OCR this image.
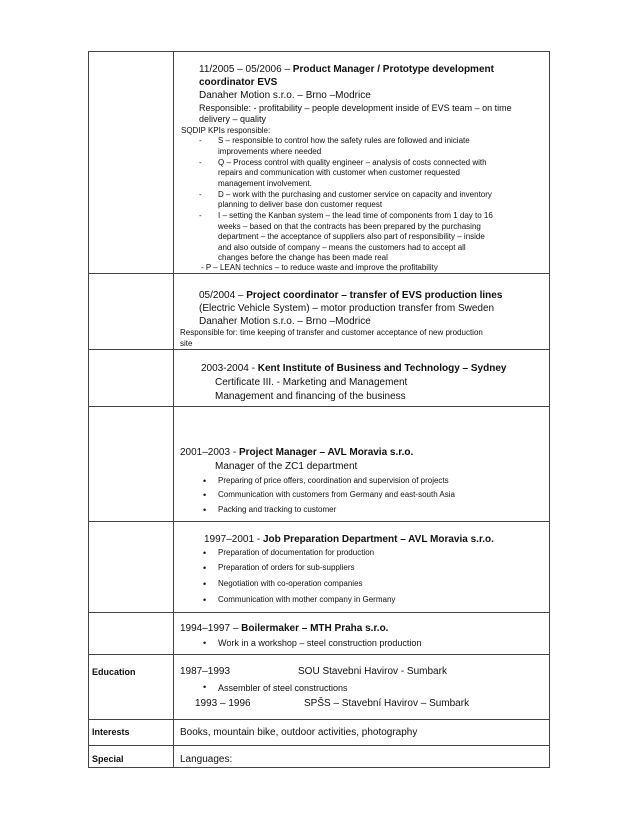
11/2005 – 05/2006 – Product Manager / Prototype development
coordinator EVS
Danaher Motion s.r.o. – Brno –Modrice
Responsible: - profitability – people development inside of EVS team – on time
delivery – quality
SQDIP KPIs responsible:
- S – responsible to control how the safety rules are followed and iniciate
improvements where needed
- Q – Process control with quality engineer – analysis of costs connected with
repairs and communication with customer when customer requested
management involvement.
- D – work with the purchasing and customer service on capacity and inventory
planning to deliver base don customer request
- I – setting the Kanban system – the lead time of components from 1 day to 16
weeks – based on that the contracts has been prepared by the purchasing
department – the acceptance of suppliers also part of responsibility – inside
and also outside of company – means the customers had to accept all
changes before the change has been made real
- P – LEAN technics – to reduce waste and improve the profitability
05/2004 – Project coordinator – transfer of EVS production lines
(Electric Vehicle System) – motor production transfer from Sweden
Danaher Motion s.r.o. – Brno –Modrice
Responsible for: time keeping of transfer and customer acceptance of new production
site
2003-2004 - Kent Institute of Business and Technology – Sydney
Certificate III. - Marketing and Management
Management and financing of the business
2001–2003 - Project Manager – AVL Moravia s.r.o.
Manager of the ZC1 department
• Preparing of price offers, coordination and supervision of projects
• Communication with customers from Germany and east-south Asia
• Packing and tracking to customer
1997–2001 - Job Preparation Department – AVL Moravia s.r.o.
• Preparation of documentation for production
• Preparation of orders for sub-suppliers
• Negotiation with co-operation companies
• Communication with mother company in Germany
1994–1997 – Boilermaker – MTH Praha s.r.o.
• Work in a workshop – steel construction production
Education	1987–1993	SOU Stavebni Havirov - Sumbark
• Assembler of steel constructions
1993 – 1996	SPŠS – Stavební Havirov – Sumbark
Interests	Books, mountain bike, outdoor activities, photography
Special	Languages:
